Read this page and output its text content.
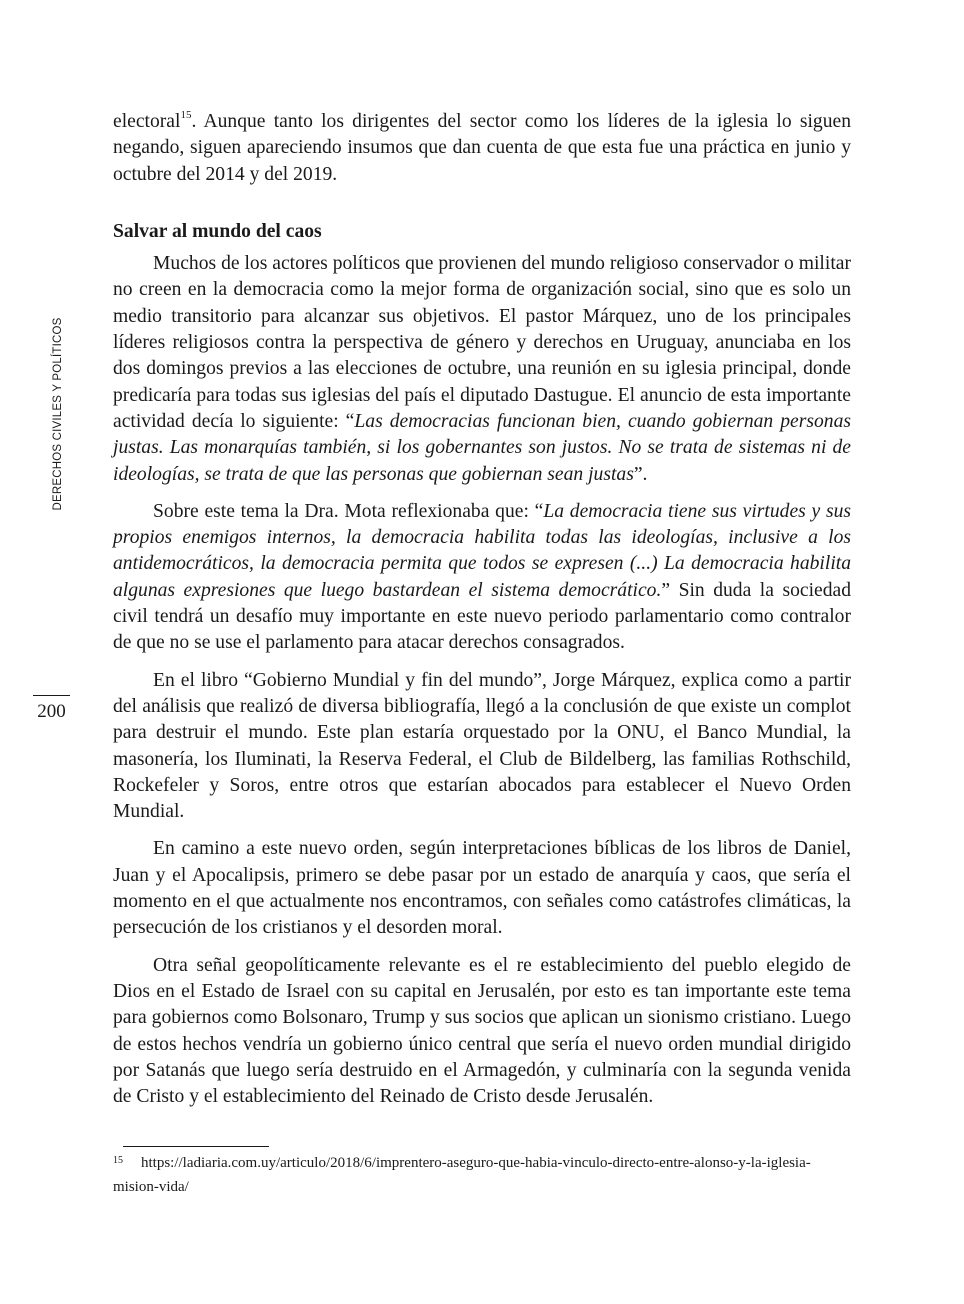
DERECHOS CIVILES Y POLÍTICOS
200

electoral$^{15}$. Aunque tanto los dirigentes del sector como los líderes de la iglesia lo siguen negando, siguen apareciendo insumos que dan cuenta de que esta fue una práctica en junio y octubre del 2014 y del 2019.

Salvar al mundo del caos

Muchos de los actores políticos que provienen del mundo religioso conservador o militar no creen en la democracia como la mejor forma de organización social, sino que es solo un medio transitorio para alcanzar sus objetivos. El pastor Márquez, uno de los principales líderes religiosos contra la perspectiva de género y derechos en Uruguay, anunciaba en los dos domingos previos a las elecciones de octubre, una reunión en su iglesia principal, donde predicaría para todas sus iglesias del país el diputado Dastugue. El anuncio de esta importante actividad decía lo siguiente: “Las democracias funcionan bien, cuando gobiernan personas justas. Las monarquías también, si los gobernantes son justos. No se trata de sistemas ni de ideologías, se trata de que las personas que gobiernan sean justas”.

Sobre este tema la Dra. Mota reflexionaba que: “La democracia tiene sus virtudes y sus propios enemigos internos, la democracia habilita todas las ideologías, inclusive a los antidemocráticos, la democracia permita que todos se expresen (...) La democracia habilita algunas expresiones que luego bastardean el sistema democrático.” Sin duda la sociedad civil tendrá un desafío muy importante en este nuevo periodo parlamentario como contralor de que no se use el parlamento para atacar derechos consagrados.

En el libro “Gobierno Mundial y fin del mundo”, Jorge Márquez, explica como a partir del análisis que realizó de diversa bibliografía, llegó a la conclusión de que existe un complot para destruir el mundo. Este plan estaría orquestado por la ONU, el Banco Mundial, la masonería, los Iluminati, la Reserva Federal, el Club de Bildelberg, las familias Rothschild, Rockefeler y Soros, entre otros que estarían abocados para establecer el Nuevo Orden Mundial.

En camino a este nuevo orden, según interpretaciones bíblicas de los libros de Daniel, Juan y el Apocalipsis, primero se debe pasar por un estado de anarquía y caos, que sería el momento en el que actualmente nos encontramos, con señales como catástrofes climáticas, la persecución de los cristianos y el desorden moral.

Otra señal geopolíticamente relevante es el re establecimiento del pueblo elegido de Dios en el Estado de Israel con su capital en Jerusalén, por esto es tan importante este tema para gobiernos como Bolsonaro, Trump y sus socios que aplican un sionismo cristiano. Luego de estos hechos vendría un gobierno único central que sería el nuevo orden mundial dirigido por Satanás que luego sería destruido en el Armagedón, y culminaría con la segunda venida de Cristo y el establecimiento del Reinado de Cristo desde Jerusalén.

15 https://ladiaria.com.uy/articulo/2018/6/imprentero-aseguro-que-habia-vinculo-directo-entre-alonso-y-la-iglesia-mision-vida/
